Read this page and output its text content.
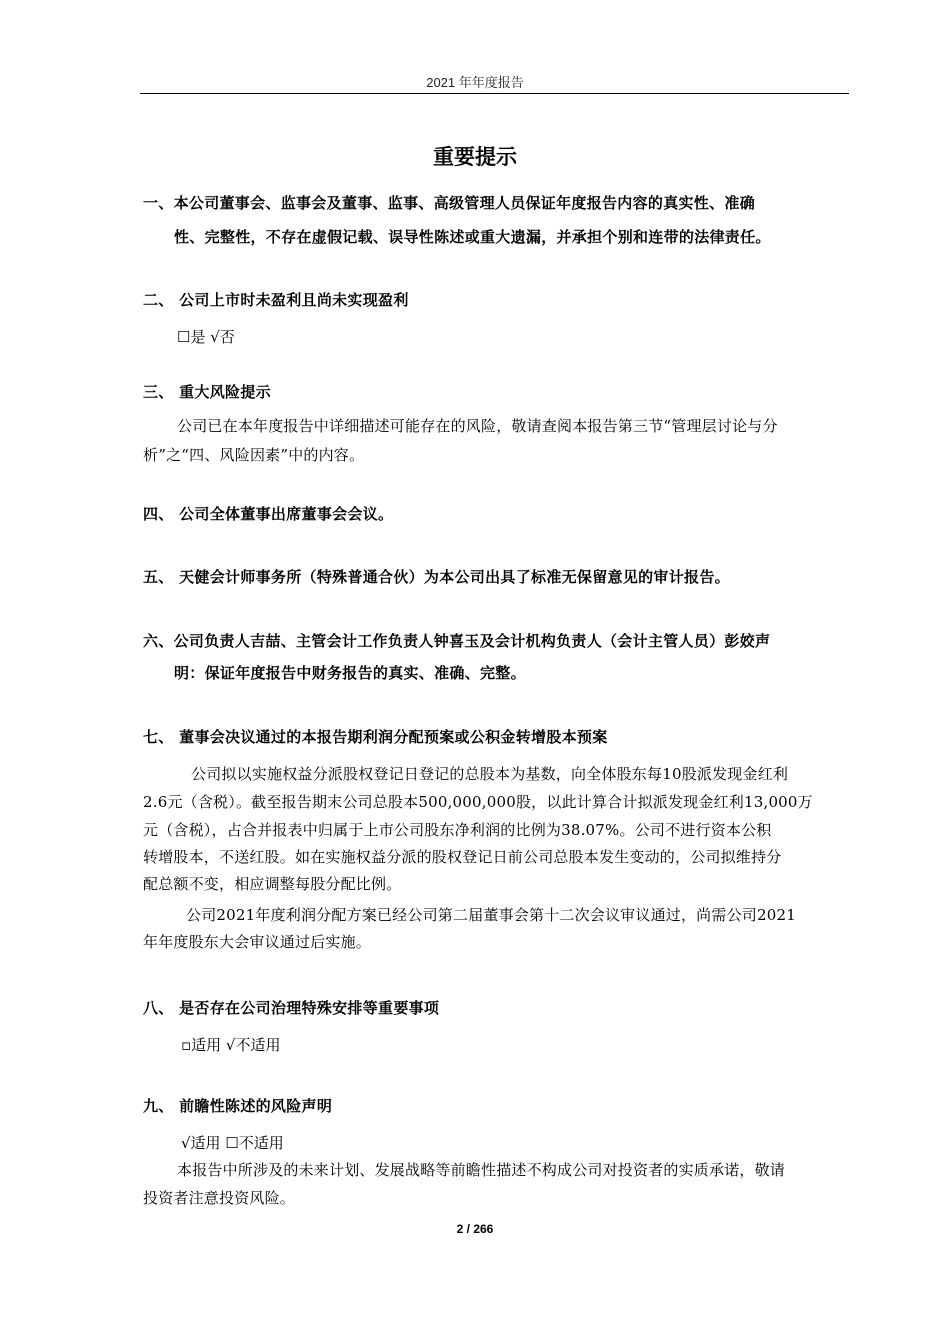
2021 年年度报告
重要提示
一、本公司董事会、监事会及董事、监事、高级管理人员保证年度报告内容的真实性、准确
性、完整性，不存在虚假记载、误导性陈述或重大遗漏，并承担个别和连带的法律责任。
二、 公司上市时未盈利且尚未实现盈利
☐是 √否
三、 重大风险提示
公司已在本年度报告中详细描述可能存在的风险，敬请查阅本报告第三节“管理层讨论与分
析”之“四、风险因素”中的内容。
四、 公司全体董事出席董事会会议。
五、 天健会计师事务所（特殊普通合伙）为本公司出具了标准无保留意见的审计报告。
六、公司负责人吉喆、主管会计工作负责人钟喜玉及会计机构负责人（会计主管人员）彭姣声
明：保证年度报告中财务报告的真实、准确、完整。
七、 董事会决议通过的本报告期利润分配预案或公积金转增股本预案
公司拟以实施权益分派股权登记日登记的总股本为基数，向全体股东每10股派发现金红利
2.6元（含税）。截至报告期末公司总股本500,000,000股，以此计算合计拟派发现金红利13,000万
元（含税），占合并报表中归属于上市公司股东净利润的比例为38.07%。公司不进行资本公积
转增股本，不送红股。如在实施权益分派的股权登记日前公司总股本发生变动的，公司拟维持分
配总额不变，相应调整每股分配比例。
公司2021年度利润分配方案已经公司第二届董事会第十二次会议审议通过，尚需公司2021
年年度股东大会审议通过后实施。
八、 是否存在公司治理特殊安排等重要事项
▫适用 √不适用
九、 前瞻性陈述的风险声明
√适用 ☐不适用
本报告中所涉及的未来计划、发展战略等前瞻性描述不构成公司对投资者的实质承诺，敬请
投资者注意投资风险。
2 / 266
